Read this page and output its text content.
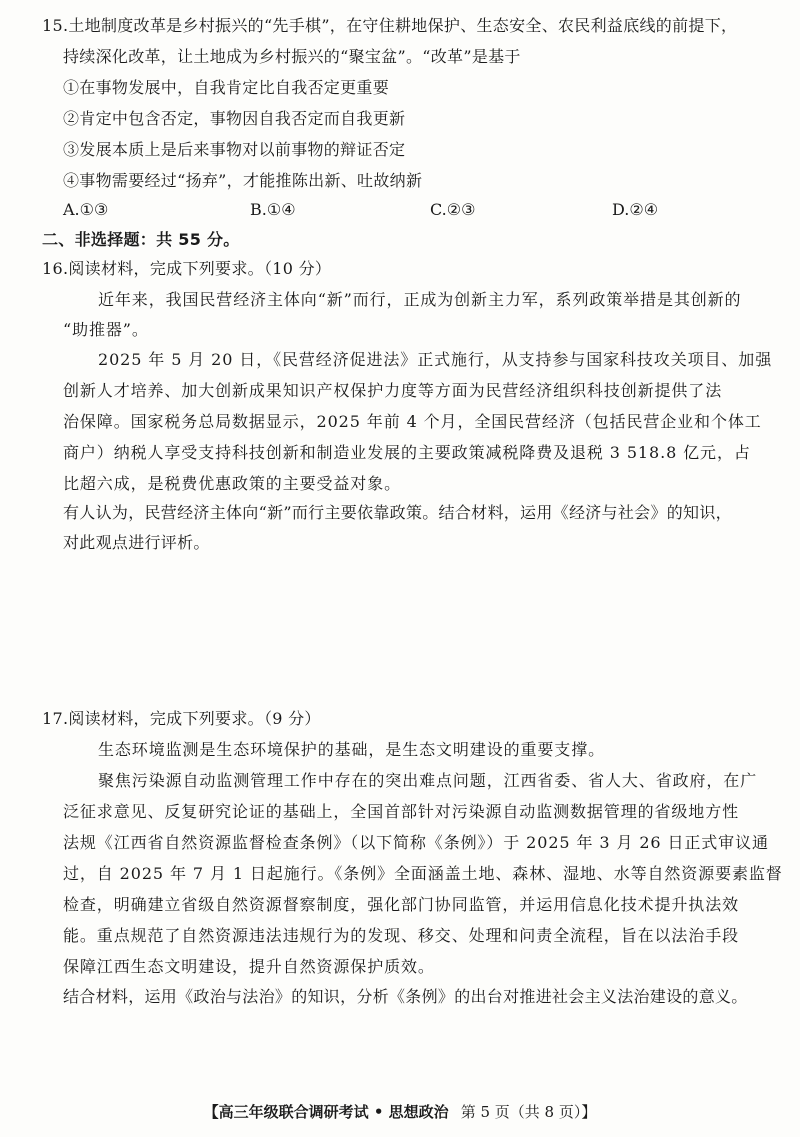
15.土地制度改革是乡村振兴的“先手棋”，在守住耕地保护、生态安全、农民利益底线的前提下，
持续深化改革，让土地成为乡村振兴的“聚宝盆”。“改革”是基于
①在事物发展中，自我肯定比自我否定更重要
②肯定中包含否定，事物因自我否定而自我更新
③发展本质上是后来事物对以前事物的辩证否定
④事物需要经过“扬弃”，才能推陈出新、吐故纳新
A.①③	B.①④	C.②③	D.②④
二、非选择题：共 55 分。
16.阅读材料，完成下列要求。（10 分）
近年来，我国民营经济主体向“新”而行，正成为创新主力军，系列政策举措是其创新的
“助推器”。
2025 年 5 月 20 日，《民营经济促进法》正式施行，从支持参与国家科技攻关项目、加强
创新人才培养、加大创新成果知识产权保护力度等方面为民营经济组织科技创新提供了法
治保障。国家税务总局数据显示，2025 年前 4 个月，全国民营经济（包括民营企业和个体工
商户）纳税人享受支持科技创新和制造业发展的主要政策减税降费及退税 3 518.8 亿元，占
比超六成，是税费优惠政策的主要受益对象。
有人认为，民营经济主体向“新”而行主要依靠政策。结合材料，运用《经济与社会》的知识，
对此观点进行评析。
17.阅读材料，完成下列要求。（9 分）
生态环境监测是生态环境保护的基础，是生态文明建设的重要支撑。
聚焦污染源自动监测管理工作中存在的突出难点问题，江西省委、省人大、省政府，在广
泛征求意见、反复研究论证的基础上，全国首部针对污染源自动监测数据管理的省级地方性
法规《江西省自然资源监督检查条例》（以下简称《条例》）于 2025 年 3 月 26 日正式审议通
过，自 2025 年 7 月 1 日起施行。《条例》全面涵盖土地、森林、湿地、水等自然资源要素监督
检查，明确建立省级自然资源督察制度，强化部门协同监管，并运用信息化技术提升执法效
能。重点规范了自然资源违法违规行为的发现、移交、处理和问责全流程，旨在以法治手段
保障江西生态文明建设，提升自然资源保护质效。
结合材料，运用《政治与法治》的知识，分析《条例》的出台对推进社会主义法治建设的意义。
【高三年级联合调研考试 • 思想政治 第 5 页（共 8 页）】
